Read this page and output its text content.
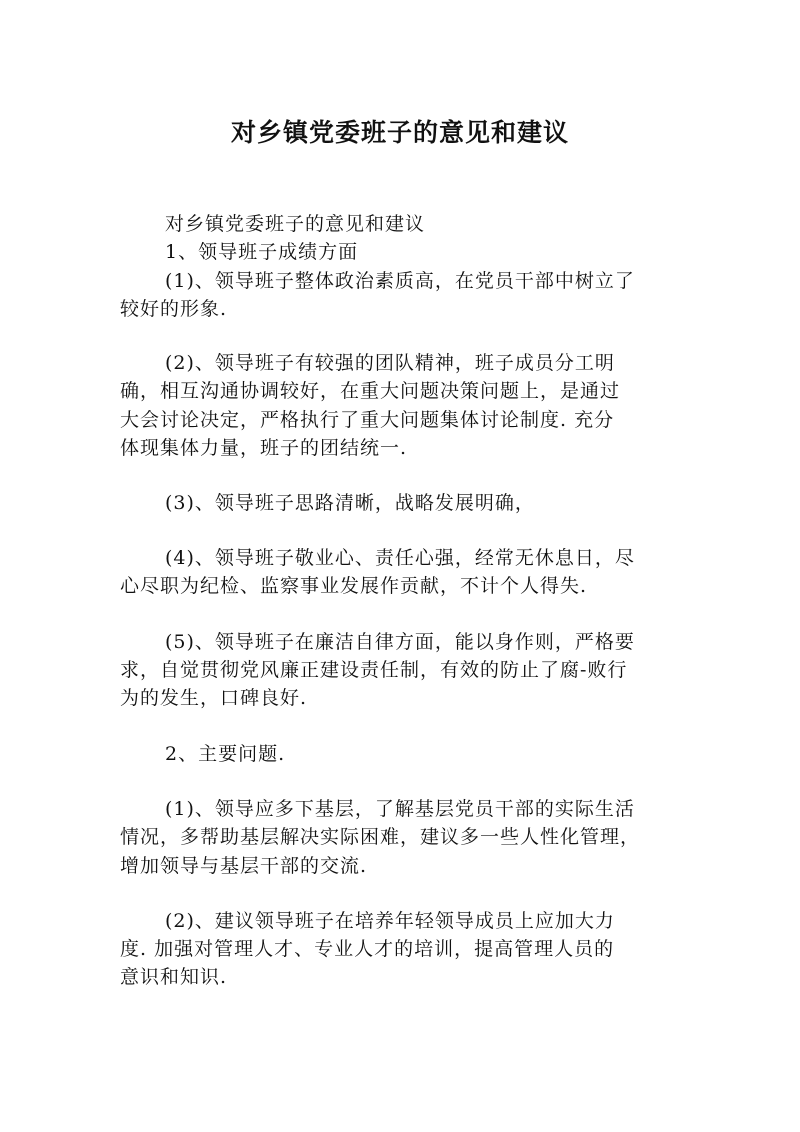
对乡镇党委班子的意见和建议
对乡镇党委班子的意见和建议
1、领导班子成绩方面
(1)、领导班子整体政治素质高，在党员干部中树立了
较好的形象.
(2)、领导班子有较强的团队精神，班子成员分工明
确，相互沟通协调较好，在重大问题决策问题上，是通过
大会讨论决定，严格执行了重大问题集体讨论制度. 充分
体现集体力量，班子的团结统一.
(3)、领导班子思路清晰，战略发展明确，
(4)、领导班子敬业心、责任心强，经常无休息日，尽
心尽职为纪检、监察事业发展作贡献，不计个人得失.
(5)、领导班子在廉洁自律方面，能以身作则，严格要
求，自觉贯彻党风廉正建设责任制，有效的防止了腐-败行
为的发生，口碑良好.
2、主要问题.
(1)、领导应多下基层，了解基层党员干部的实际生活
情况，多帮助基层解决实际困难，建议多一些人性化管理，
增加领导与基层干部的交流.
(2)、建议领导班子在培养年轻领导成员上应加大力
度. 加强对管理人才、专业人才的培训，提高管理人员的
意识和知识.
